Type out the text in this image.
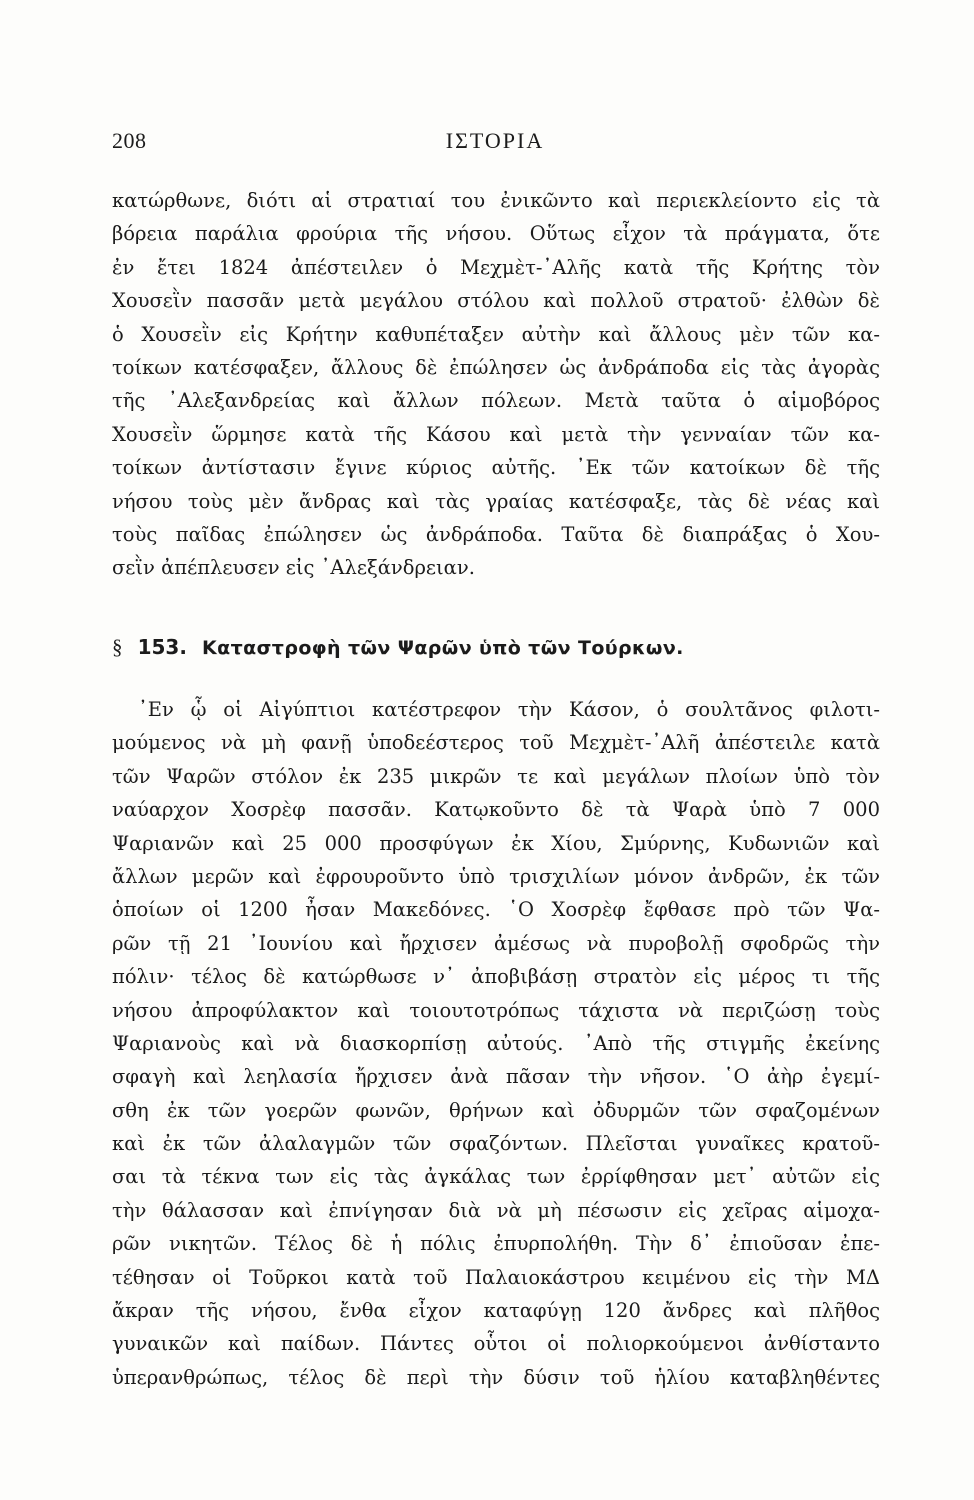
208	ΙΣΤΟΡΙΑ
κατώρθωνε, διότι αἱ στρατιαί του ἐνικῶντο καὶ περιεκλείοντο εἰς τὰ
βόρεια παράλια φρούρια τῆς νήσου. Οὕτως εἶχον τὰ πράγματα, ὅτε
ἐν ἔτει 1824 ἀπέστειλεν ὁ Μεχμὲτ-᾿Αλῆς κατὰ τῆς Κρήτης τὸν
Χουσεῒν πασσᾶν μετὰ μεγάλου στόλου καὶ πολλοῦ στρατοῦ· ἐλθὼν δὲ
ὁ Χουσεῒν εἰς Κρήτην καθυπέταξεν αὐτὴν καὶ ἄλλους μὲν τῶν κα-
τοίκων κατέσφαξεν, ἄλλους δὲ ἐπώλησεν ὡς ἀνδράποδα εἰς τὰς ἀγορὰς
τῆς ᾿Αλεξανδρείας καὶ ἄλλων πόλεων. Μετὰ ταῦτα ὁ αἱμοβόρος
Χουσεῒν ὥρμησε κατὰ τῆς Κάσου καὶ μετὰ τὴν γενναίαν τῶν κα-
τοίκων ἀντίστασιν ἔγινε κύριος αὐτῆς. ᾿Εκ τῶν κατοίκων δὲ τῆς
νήσου τοὺς μὲν ἄνδρας καὶ τὰς γραίας κατέσφαξε, τὰς δὲ νέας καὶ
τοὺς παῖδας ἐπώλησεν ὡς ἀνδράποδα. Ταῦτα δὲ διαπράξας ὁ Χου-
σεῒν ἀπέπλευσεν εἰς ᾿Αλεξάνδρειαν.
§ 153. Καταστροφὴ τῶν Ψαρῶν ὑπὸ τῶν Τούρκων.
᾿Εν ᾧ οἱ Αἰγύπτιοι κατέστρεφον τὴν Κάσον, ὁ σουλτᾶνος φιλοτι-
μούμενος νὰ μὴ φανῇ ὑποδεέστερος τοῦ Μεχμὲτ-᾿Αλῆ ἀπέστειλε κατὰ
τῶν Ψαρῶν στόλον ἐκ 235 μικρῶν τε καὶ μεγάλων πλοίων ὑπὸ τὸν
ναύαρχον Χοσρὲφ πασσᾶν. Κατῳκοῦντο δὲ τὰ Ψαρὰ ὑπὸ 7 000
Ψαριανῶν καὶ 25 000 προσφύγων ἐκ Χίου, Σμύρνης, Κυδωνιῶν καὶ
ἄλλων μερῶν καὶ ἐφρουροῦντο ὑπὸ τρισχιλίων μόνον ἀνδρῶν, ἐκ τῶν
ὁποίων οἱ 1200 ἦσαν Μακεδόνες. ῾Ο Χοσρὲφ ἔφθασε πρὸ τῶν Ψα-
ρῶν τῇ 21 ᾿Ιουνίου καὶ ἤρχισεν ἀμέσως νὰ πυροβολῇ σφοδρῶς τὴν
πόλιν· τέλος δὲ κατώρθωσε ν᾿ ἀποβιβάσῃ στρατὸν εἰς μέρος τι τῆς
νήσου ἀπροφύλακτον καὶ τοιουτοτρόπως τάχιστα νὰ περιζώσῃ τοὺς
Ψαριανοὺς καὶ νὰ διασκορπίσῃ αὐτούς. ᾿Απὸ τῆς στιγμῆς ἐκείνης
σφαγὴ καὶ λεηλασία ἤρχισεν ἀνὰ πᾶσαν τὴν νῆσον. ῾Ο ἀὴρ ἐγεμί-
σθη ἐκ τῶν γοερῶν φωνῶν, θρήνων καὶ ὀδυρμῶν τῶν σφαζομένων
καὶ ἐκ τῶν ἀλαλαγμῶν τῶν σφαζόντων. Πλεῖσται γυναῖκες κρατοῦ-
σαι τὰ τέκνα των εἰς τὰς ἀγκάλας των ἐρρίφθησαν μετ᾿ αὐτῶν εἰς
τὴν θάλασσαν καὶ ἐπνίγησαν διὰ νὰ μὴ πέσωσιν εἰς χεῖρας αἱμοχα-
ρῶν νικητῶν. Τέλος δὲ ἡ πόλις ἐπυρπολήθη. Τὴν δ᾿ ἐπιοῦσαν ἐπε-
τέθησαν οἱ Τοῦρκοι κατὰ τοῦ Παλαιοκάστρου κειμένου εἰς τὴν ΜΔ
ἄκραν τῆς νήσου, ἔνθα εἶχον καταφύγῃ 120 ἄνδρες καὶ πλῆθος
γυναικῶν καὶ παίδων. Πάντες οὗτοι οἱ πολιορκούμενοι ἀνθίσταντο
ὑπερανθρώπως, τέλος δὲ περὶ τὴν δύσιν τοῦ ἡλίου καταβληθέντες
